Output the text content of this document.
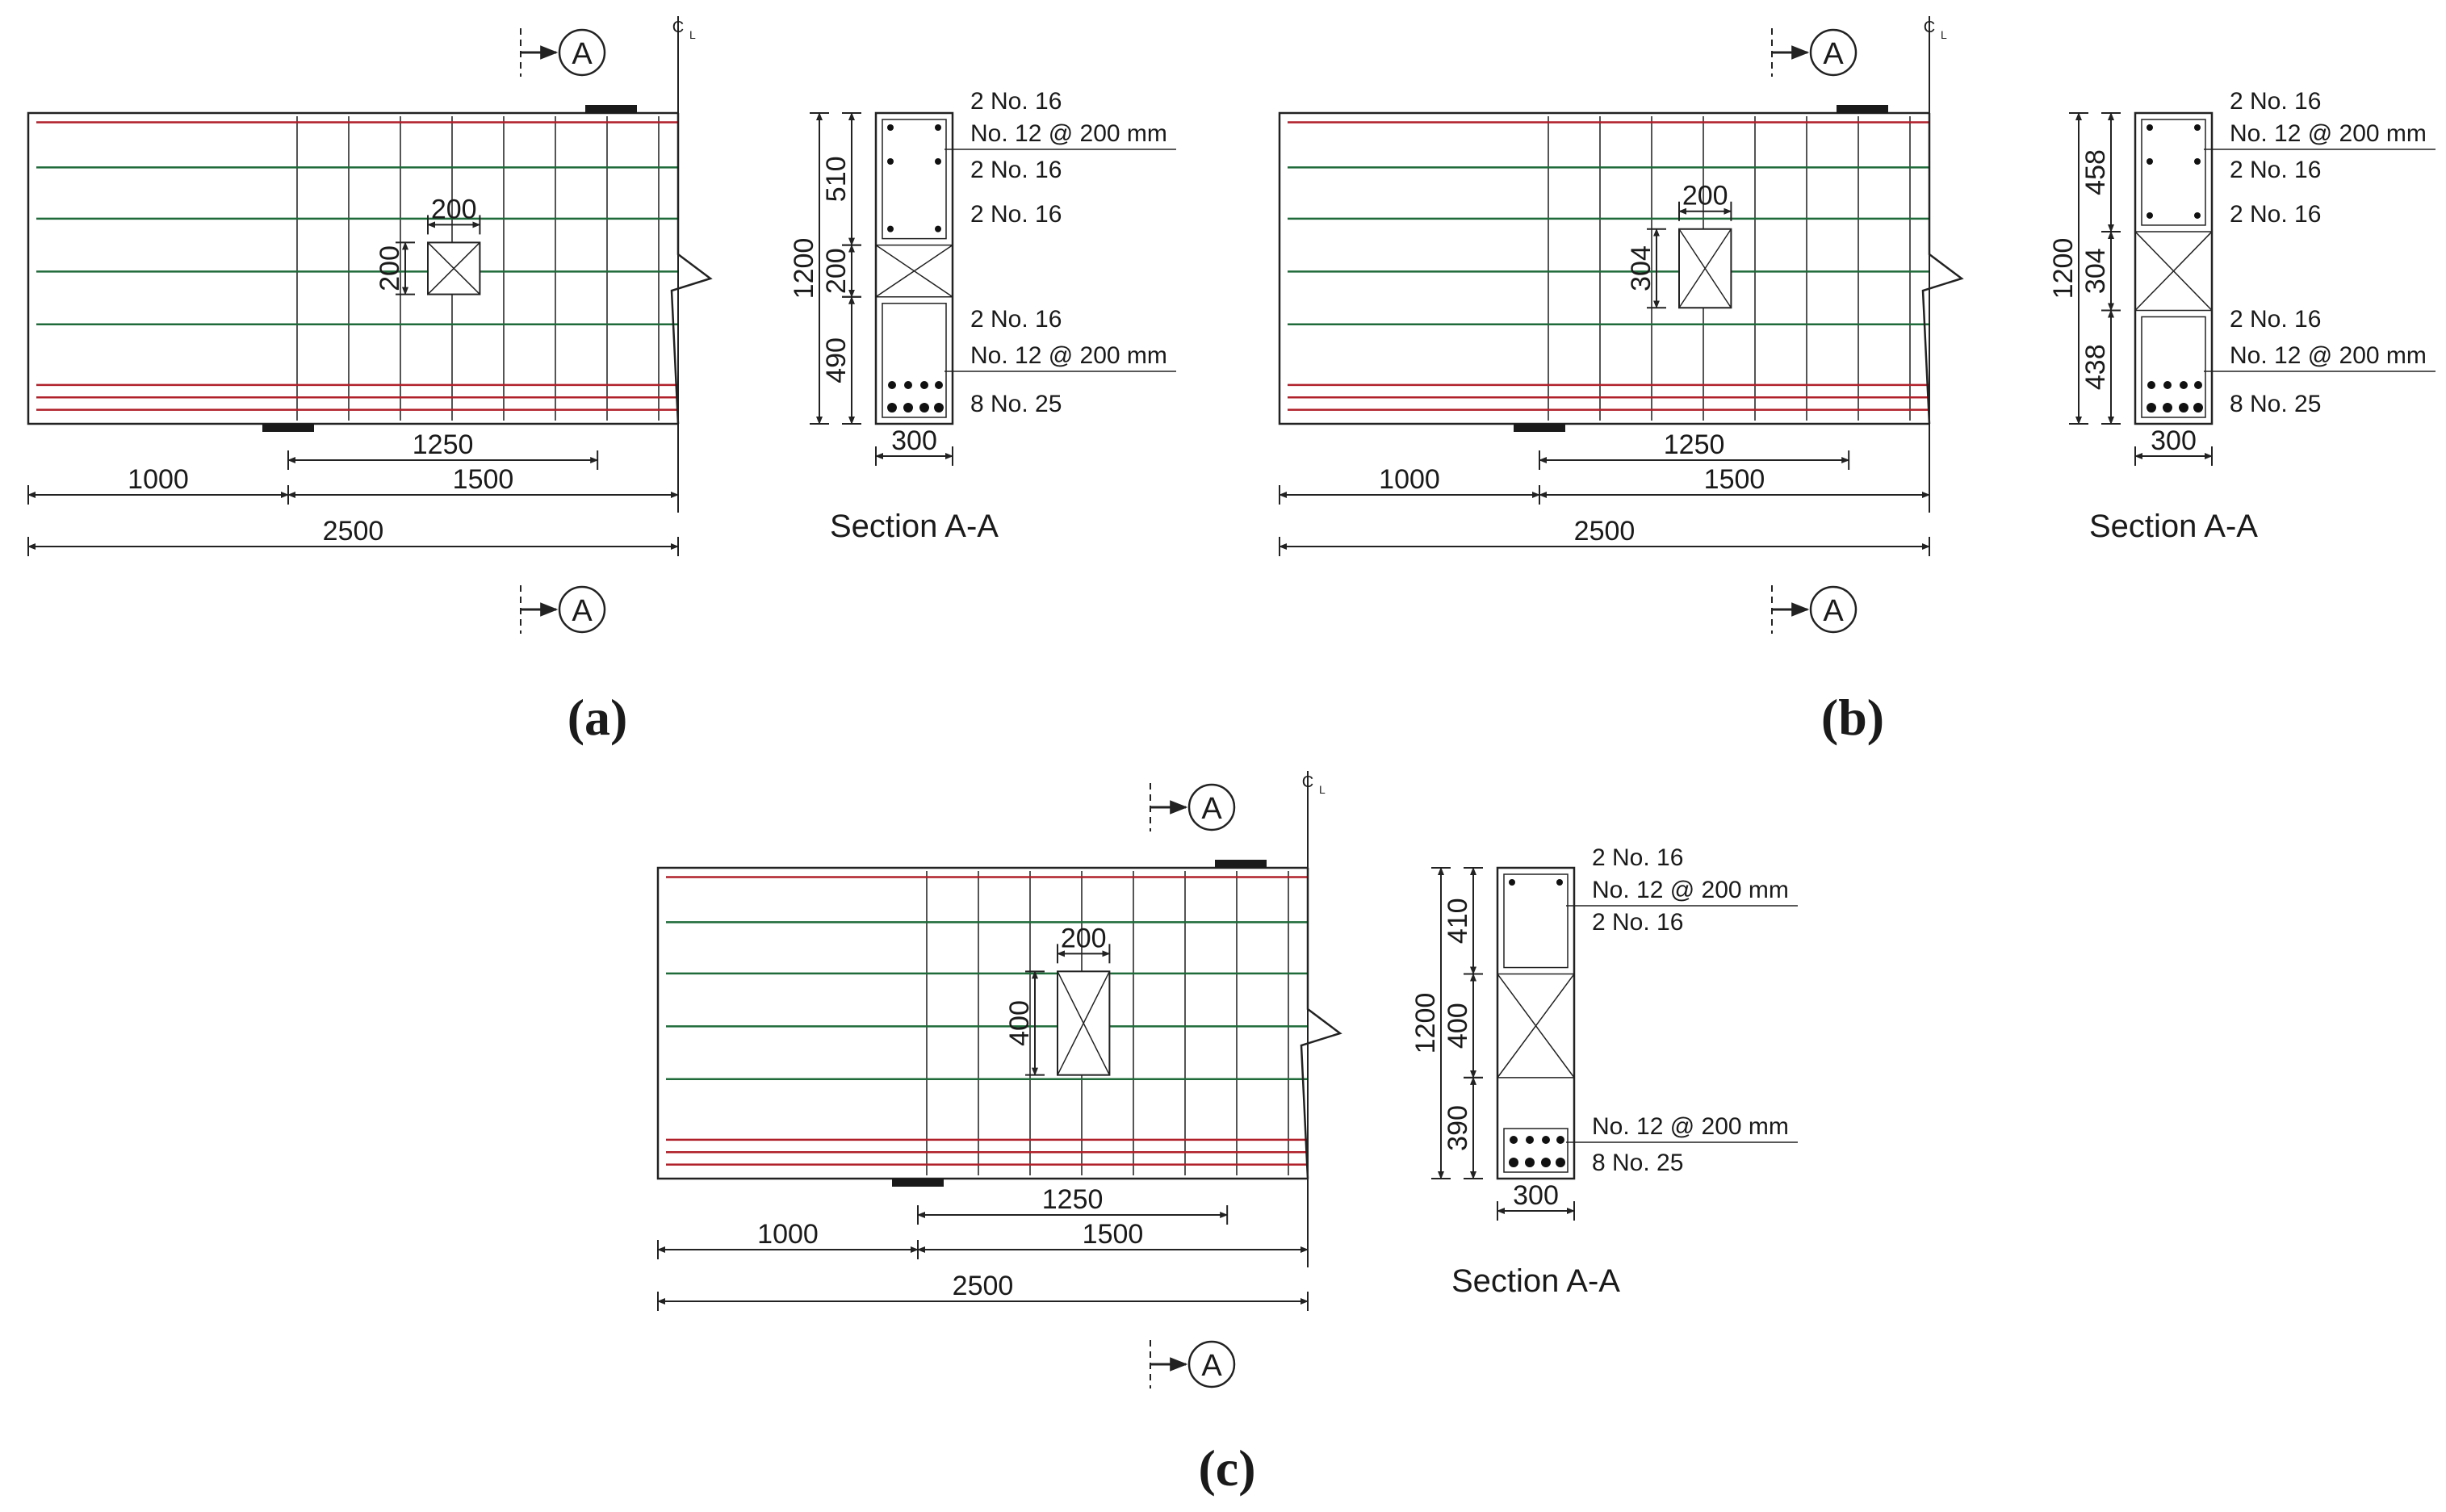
C L
200
200
A
A
1250
1000	1500
2500
510
200
490
1200
300
Section A-A
2 No. 16
No. 12 @ 200 mm
2 No. 16
2 No. 16
2 No. 16
No. 12 @ 200 mm
8 No. 25
(a)
C L
200
304
A
A
1250
1000	1500
2500
458
304
438
1200
300
Section A-A
2 No. 16
No. 12 @ 200 mm
2 No. 16
2 No. 16
2 No. 16
No. 12 @ 200 mm
8 No. 25
(b)
C L
200
400
A
A
1250
1000	1500
2500
410
400
390
1200
300
Section A-A
2 No. 16
No. 12 @ 200 mm
2 No. 16
No. 12 @ 200 mm
8 No. 25
(c)
